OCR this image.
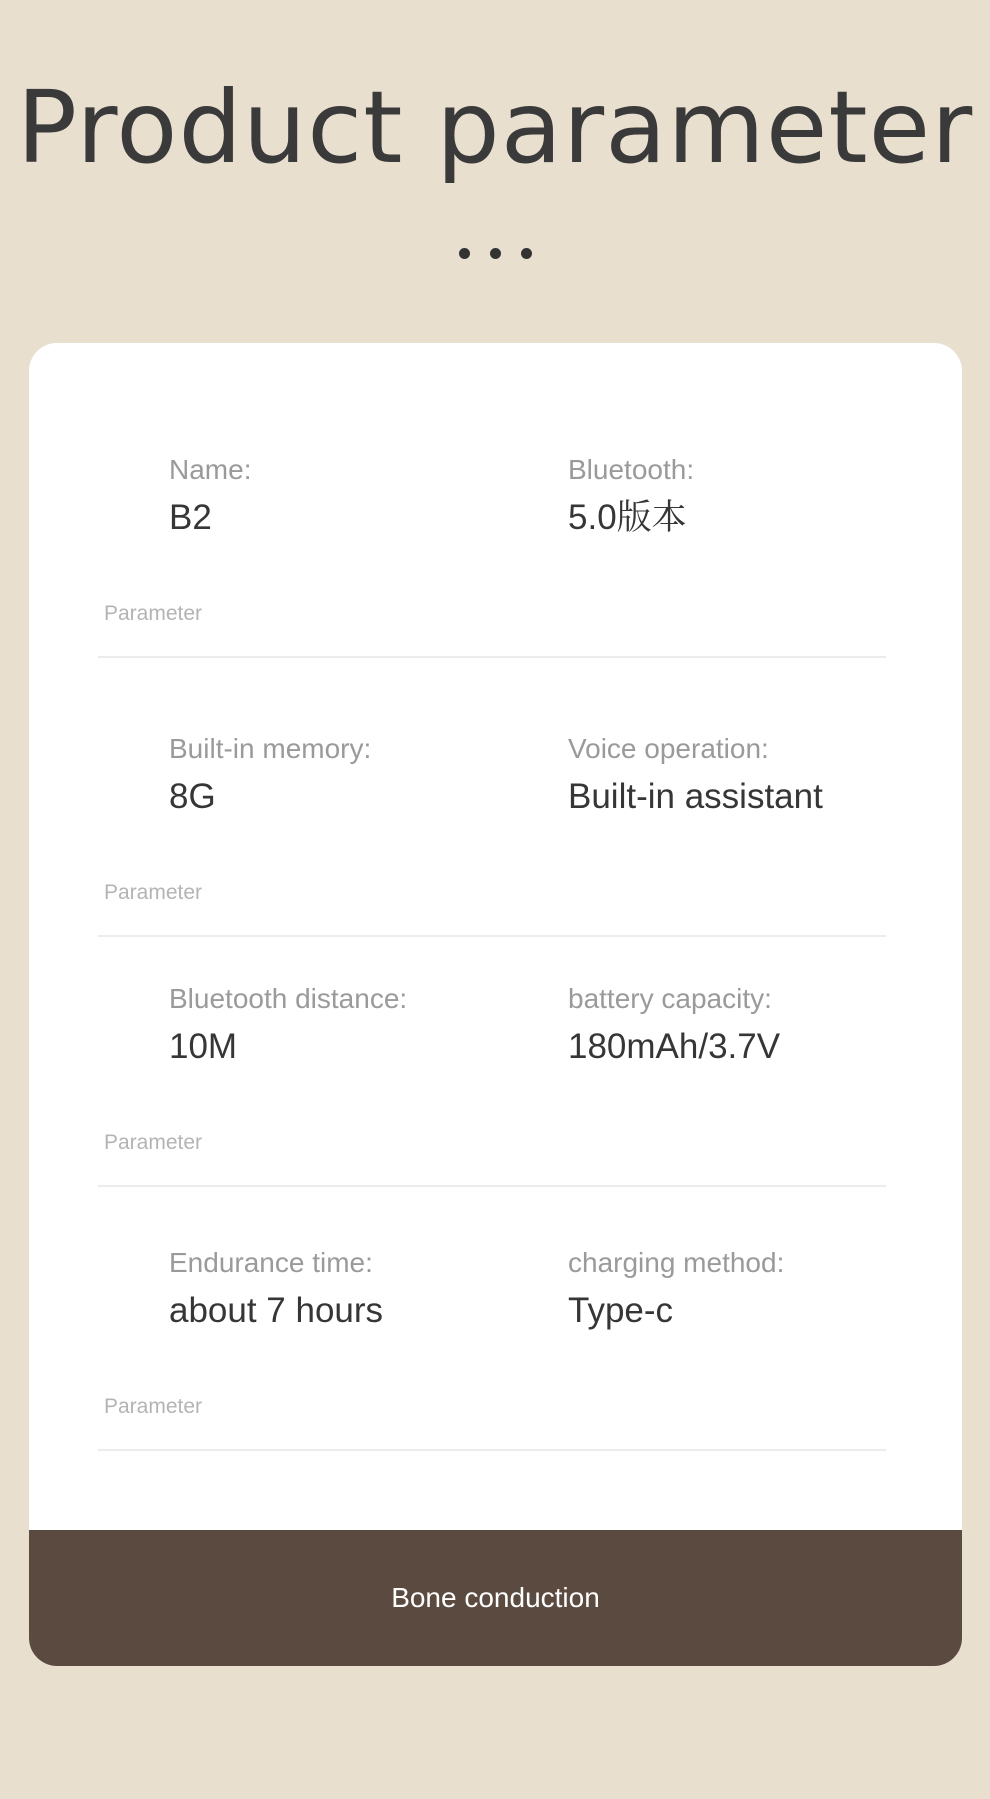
Product parameter
Name:
B2
Bluetooth:
5.0版本
Parameter
Built-in memory:
8G
Voice operation:
Built-in assistant
Parameter
Bluetooth distance:
10M
battery capacity:
180mAh/3.7V
Parameter
Endurance time:
about 7 hours
charging method:
Type-c
Parameter
Bone conduction
